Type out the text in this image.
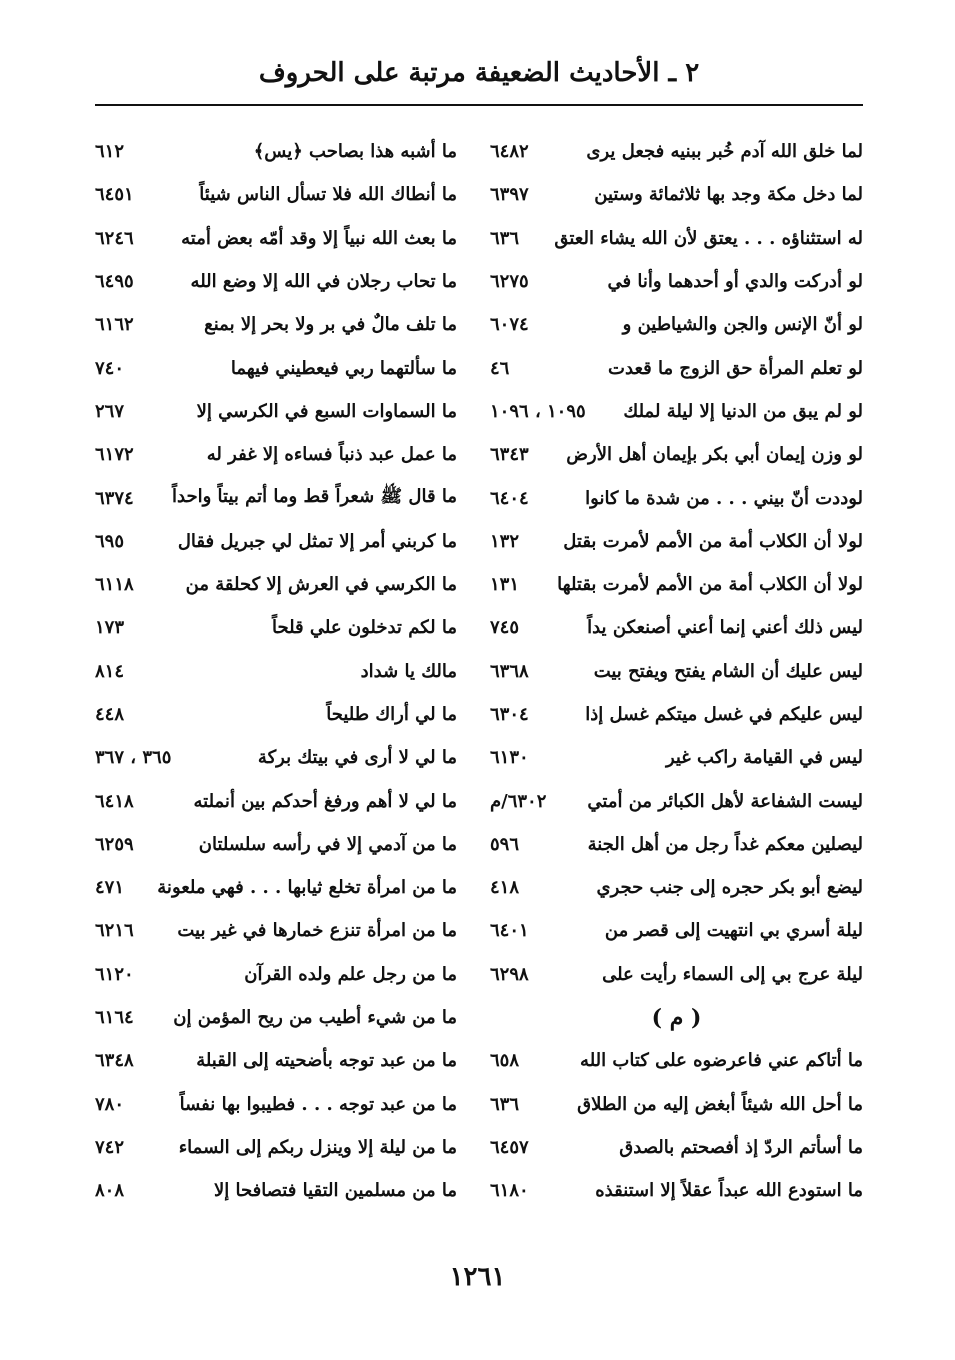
٢ ـ الأحاديث الضعيفة مرتبة على الحروف
لما خلق الله آدم خُبر ببنيه فجعل يرى
٦٤٨٢
لما دخل مكة وجد بها ثلاثمائة وستين
٦٣٩٧
له استثناؤه . . . يعتق لأن الله يشاء العتق
٦٣٦
لو أدركت والدي أو أحدهما وأنا في
٦٢٧٥
لو أنّ الإنس والجن والشياطين و
٦٠٧٤
لو تعلم المرأة حق الزوج ما قعدت
٤٦
لو لم يبق من الدنيا إلا ليلة لملك
١٠٩٥ ، ١٠٩٦
لو وزن إيمان أبي بكر بإيمان أهل الأرض
٦٣٤٣
لوددت أنّ بيني . . . من شدة ما كانوا
٦٤٠٤
لولا أن الكلاب أمة من الأمم لأمرت بقتل
١٣٢
لولا أن الكلاب أمة من الأمم لأمرت بقتلها
١٣١
ليس ذلك أعني إنما أعني أصنعكن يداً
٧٤٥
ليس عليك أن الشام يفتح ويفتح بيت
٦٣٦٨
ليس عليكم في غسل ميتكم غسل إذا
٦٣٠٤
ليس في القيامة راكب غير
٦١٣٠
ليست الشفاعة لأهل الكبائر من أمتي
٦٣٠٢/م
ليصلين معكم غداً رجل من أهل الجنة
٥٩٦
ليضع أبو بكر حجره إلى جنب حجري
٤١٨
ليلة أسري بي انتهيت إلى قصر من
٦٤٠١
ليلة عرج بي إلى السماء رأيت على
٦٢٩٨
( م )
ما أتاكم عني فاعرضوه على كتاب الله
٦٥٨
ما أحل الله شيئاً أبغض إليه من الطلاق
٦٣٦
ما أسأتم الردّ إذ أفصحتم بالصدق
٦٤٥٧
ما استودع الله عبداً عقلاً إلا استنقذه
٦١٨٠
ما أشبه هذا بصاحب ﴿يس﴾
٦١٢
ما أنطاك الله فلا تسأل الناس شيئاً
٦٤٥١
ما بعث الله نبياً إلا وقد أمّه بعض أمته
٦٢٤٦
ما تحاب رجلان في الله إلا وضع الله
٦٤٩٥
ما تلف مالٌ في بر ولا بحر إلا بمنع
٦١٦٢
ما سألتهما ربي فيعطيني فيهما
٧٤٠
ما السماوات السبع في الكرسي إلا
٢٦٧
ما عمل عبد ذنباً فساءه إلا غفر له
٦١٧٢
ما قال ﷺ شعراً قط وما أتم بيتاً واحداً
٦٣٧٤
ما كربني أمر إلا تمثل لي جبريل فقال
٦٩٥
ما الكرسي في العرش إلا كحلقة من
٦١١٨
ما لكم تدخلون علي قلحاً
١٧٣
مالك يا شداد
٨١٤
ما لي أراك طليحاً
٤٤٨
ما لي لا أرى في بيتك بركة
٣٦٥ ، ٣٦٧
ما لي لا أهم ورفغ أحدكم بين أنملته
٦٤١٨
ما من آدمي إلا في رأسه سلسلتان
٦٢٥٩
ما من امرأة تخلع ثيابها . . . فهي ملعونة
٤٧١
ما من امرأة تنزع خمارها في غير بيت
٦٢١٦
ما من رجل علم ولده القرآن
٦١٢٠
ما من شيء أطيب من ريح المؤمن إن
٦١٦٤
ما من عبد توجه بأضحيته إلى القبلة
٦٣٤٨
ما من عبد توجه . . . فطيبوا بها نفساً
٧٨٠
ما من ليلة إلا وينزل ربكم إلى السماء
٧٤٢
ما من مسلمين التقيا فتصافحا إلا
٨٠٨
١٢٦١
